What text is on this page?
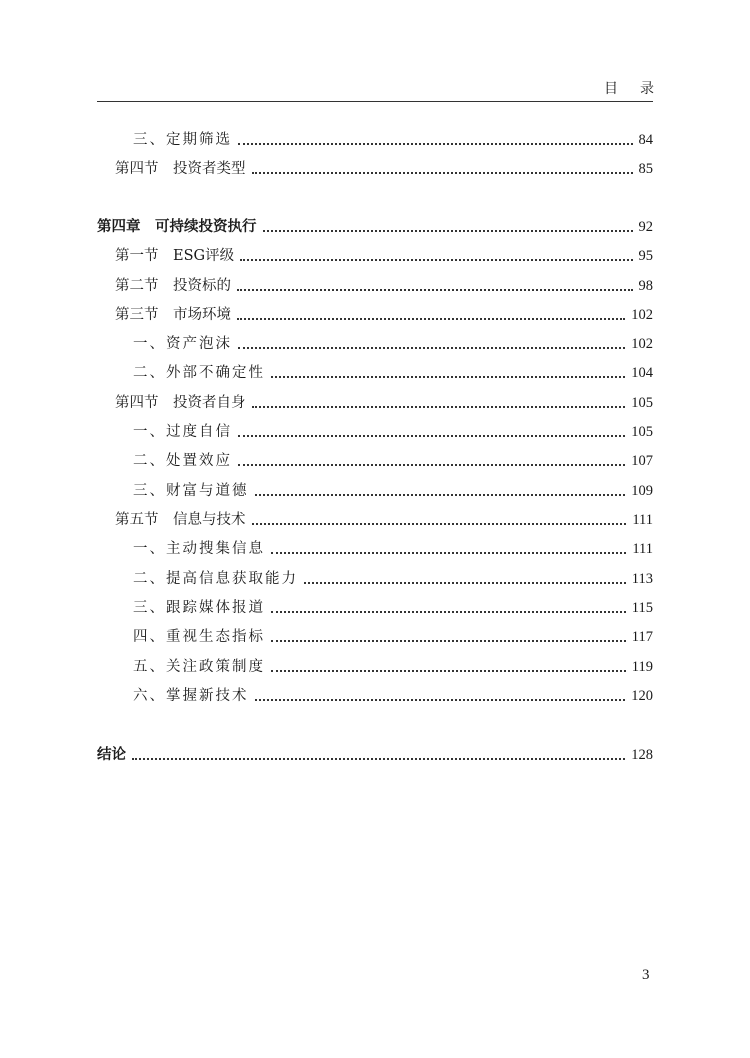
目录
三、定期筛选	84
第四节　投资者类型	85
第四章　可持续投资执行	92
第一节　ESG评级	95
第二节　投资标的	98
第三节　市场环境	102
一、资产泡沫	102
二、外部不确定性	104
第四节　投资者自身	105
一、过度自信	105
二、处置效应	107
三、财富与道德	109
第五节　信息与技术	111
一、主动搜集信息	111
二、提高信息获取能力	113
三、跟踪媒体报道	115
四、重视生态指标	117
五、关注政策制度	119
六、掌握新技术	120
结论	128
3
